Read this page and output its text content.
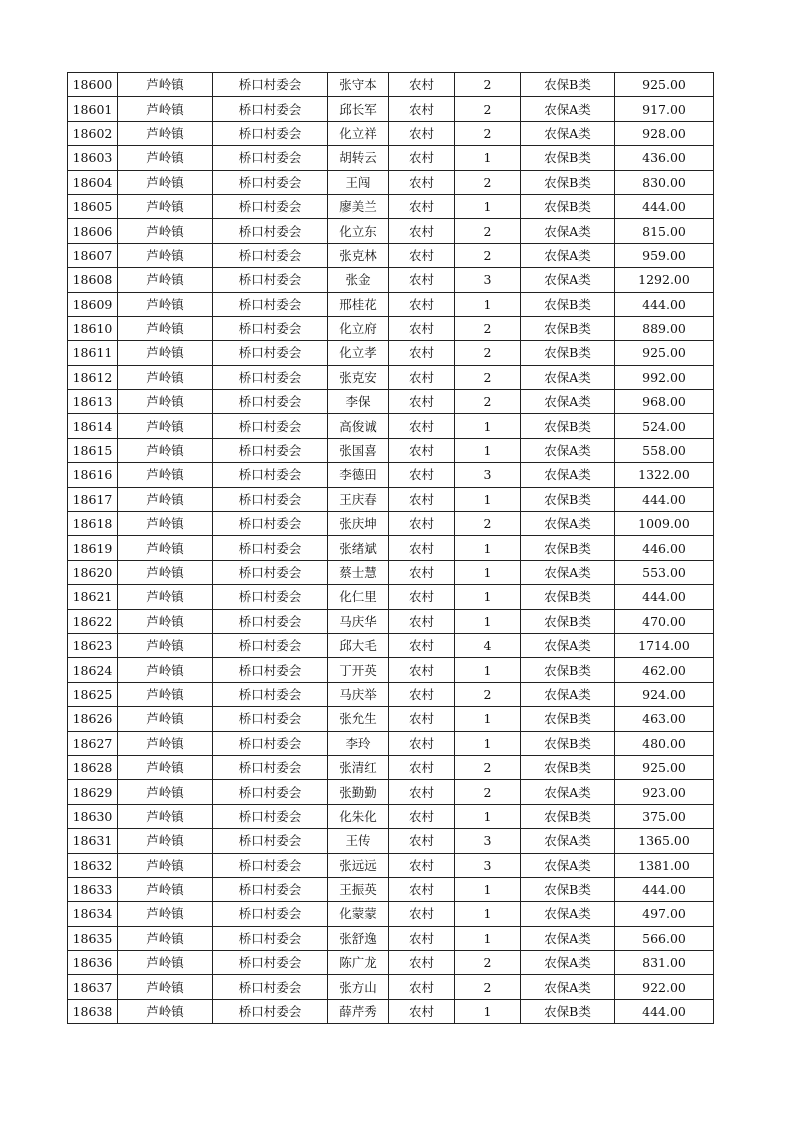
18600	芦岭镇	桥口村委会	张守本	农村	2	农保B类	925.00
18601	芦岭镇	桥口村委会	邱长军	农村	2	农保A类	917.00
18602	芦岭镇	桥口村委会	化立祥	农村	2	农保A类	928.00
18603	芦岭镇	桥口村委会	胡转云	农村	1	农保B类	436.00
18604	芦岭镇	桥口村委会	王闯	农村	2	农保B类	830.00
18605	芦岭镇	桥口村委会	廖美兰	农村	1	农保B类	444.00
18606	芦岭镇	桥口村委会	化立东	农村	2	农保A类	815.00
18607	芦岭镇	桥口村委会	张克林	农村	2	农保A类	959.00
18608	芦岭镇	桥口村委会	张金	农村	3	农保A类	1292.00
18609	芦岭镇	桥口村委会	邢桂花	农村	1	农保B类	444.00
18610	芦岭镇	桥口村委会	化立府	农村	2	农保B类	889.00
18611	芦岭镇	桥口村委会	化立孝	农村	2	农保B类	925.00
18612	芦岭镇	桥口村委会	张克安	农村	2	农保A类	992.00
18613	芦岭镇	桥口村委会	李保	农村	2	农保A类	968.00
18614	芦岭镇	桥口村委会	高俊诚	农村	1	农保B类	524.00
18615	芦岭镇	桥口村委会	张国喜	农村	1	农保A类	558.00
18616	芦岭镇	桥口村委会	李德田	农村	3	农保A类	1322.00
18617	芦岭镇	桥口村委会	王庆春	农村	1	农保B类	444.00
18618	芦岭镇	桥口村委会	张庆坤	农村	2	农保A类	1009.00
18619	芦岭镇	桥口村委会	张绪斌	农村	1	农保B类	446.00
18620	芦岭镇	桥口村委会	蔡士慧	农村	1	农保A类	553.00
18621	芦岭镇	桥口村委会	化仁里	农村	1	农保B类	444.00
18622	芦岭镇	桥口村委会	马庆华	农村	1	农保B类	470.00
18623	芦岭镇	桥口村委会	邱大毛	农村	4	农保A类	1714.00
18624	芦岭镇	桥口村委会	丁开英	农村	1	农保B类	462.00
18625	芦岭镇	桥口村委会	马庆举	农村	2	农保A类	924.00
18626	芦岭镇	桥口村委会	张允生	农村	1	农保B类	463.00
18627	芦岭镇	桥口村委会	李玲	农村	1	农保B类	480.00
18628	芦岭镇	桥口村委会	张清红	农村	2	农保B类	925.00
18629	芦岭镇	桥口村委会	张勤勤	农村	2	农保A类	923.00
18630	芦岭镇	桥口村委会	化朱化	农村	1	农保B类	375.00
18631	芦岭镇	桥口村委会	王传	农村	3	农保A类	1365.00
18632	芦岭镇	桥口村委会	张远远	农村	3	农保A类	1381.00
18633	芦岭镇	桥口村委会	王振英	农村	1	农保B类	444.00
18634	芦岭镇	桥口村委会	化蒙蒙	农村	1	农保A类	497.00
18635	芦岭镇	桥口村委会	张舒逸	农村	1	农保A类	566.00
18636	芦岭镇	桥口村委会	陈广龙	农村	2	农保A类	831.00
18637	芦岭镇	桥口村委会	张方山	农村	2	农保A类	922.00
18638	芦岭镇	桥口村委会	薛芹秀	农村	1	农保B类	444.00
